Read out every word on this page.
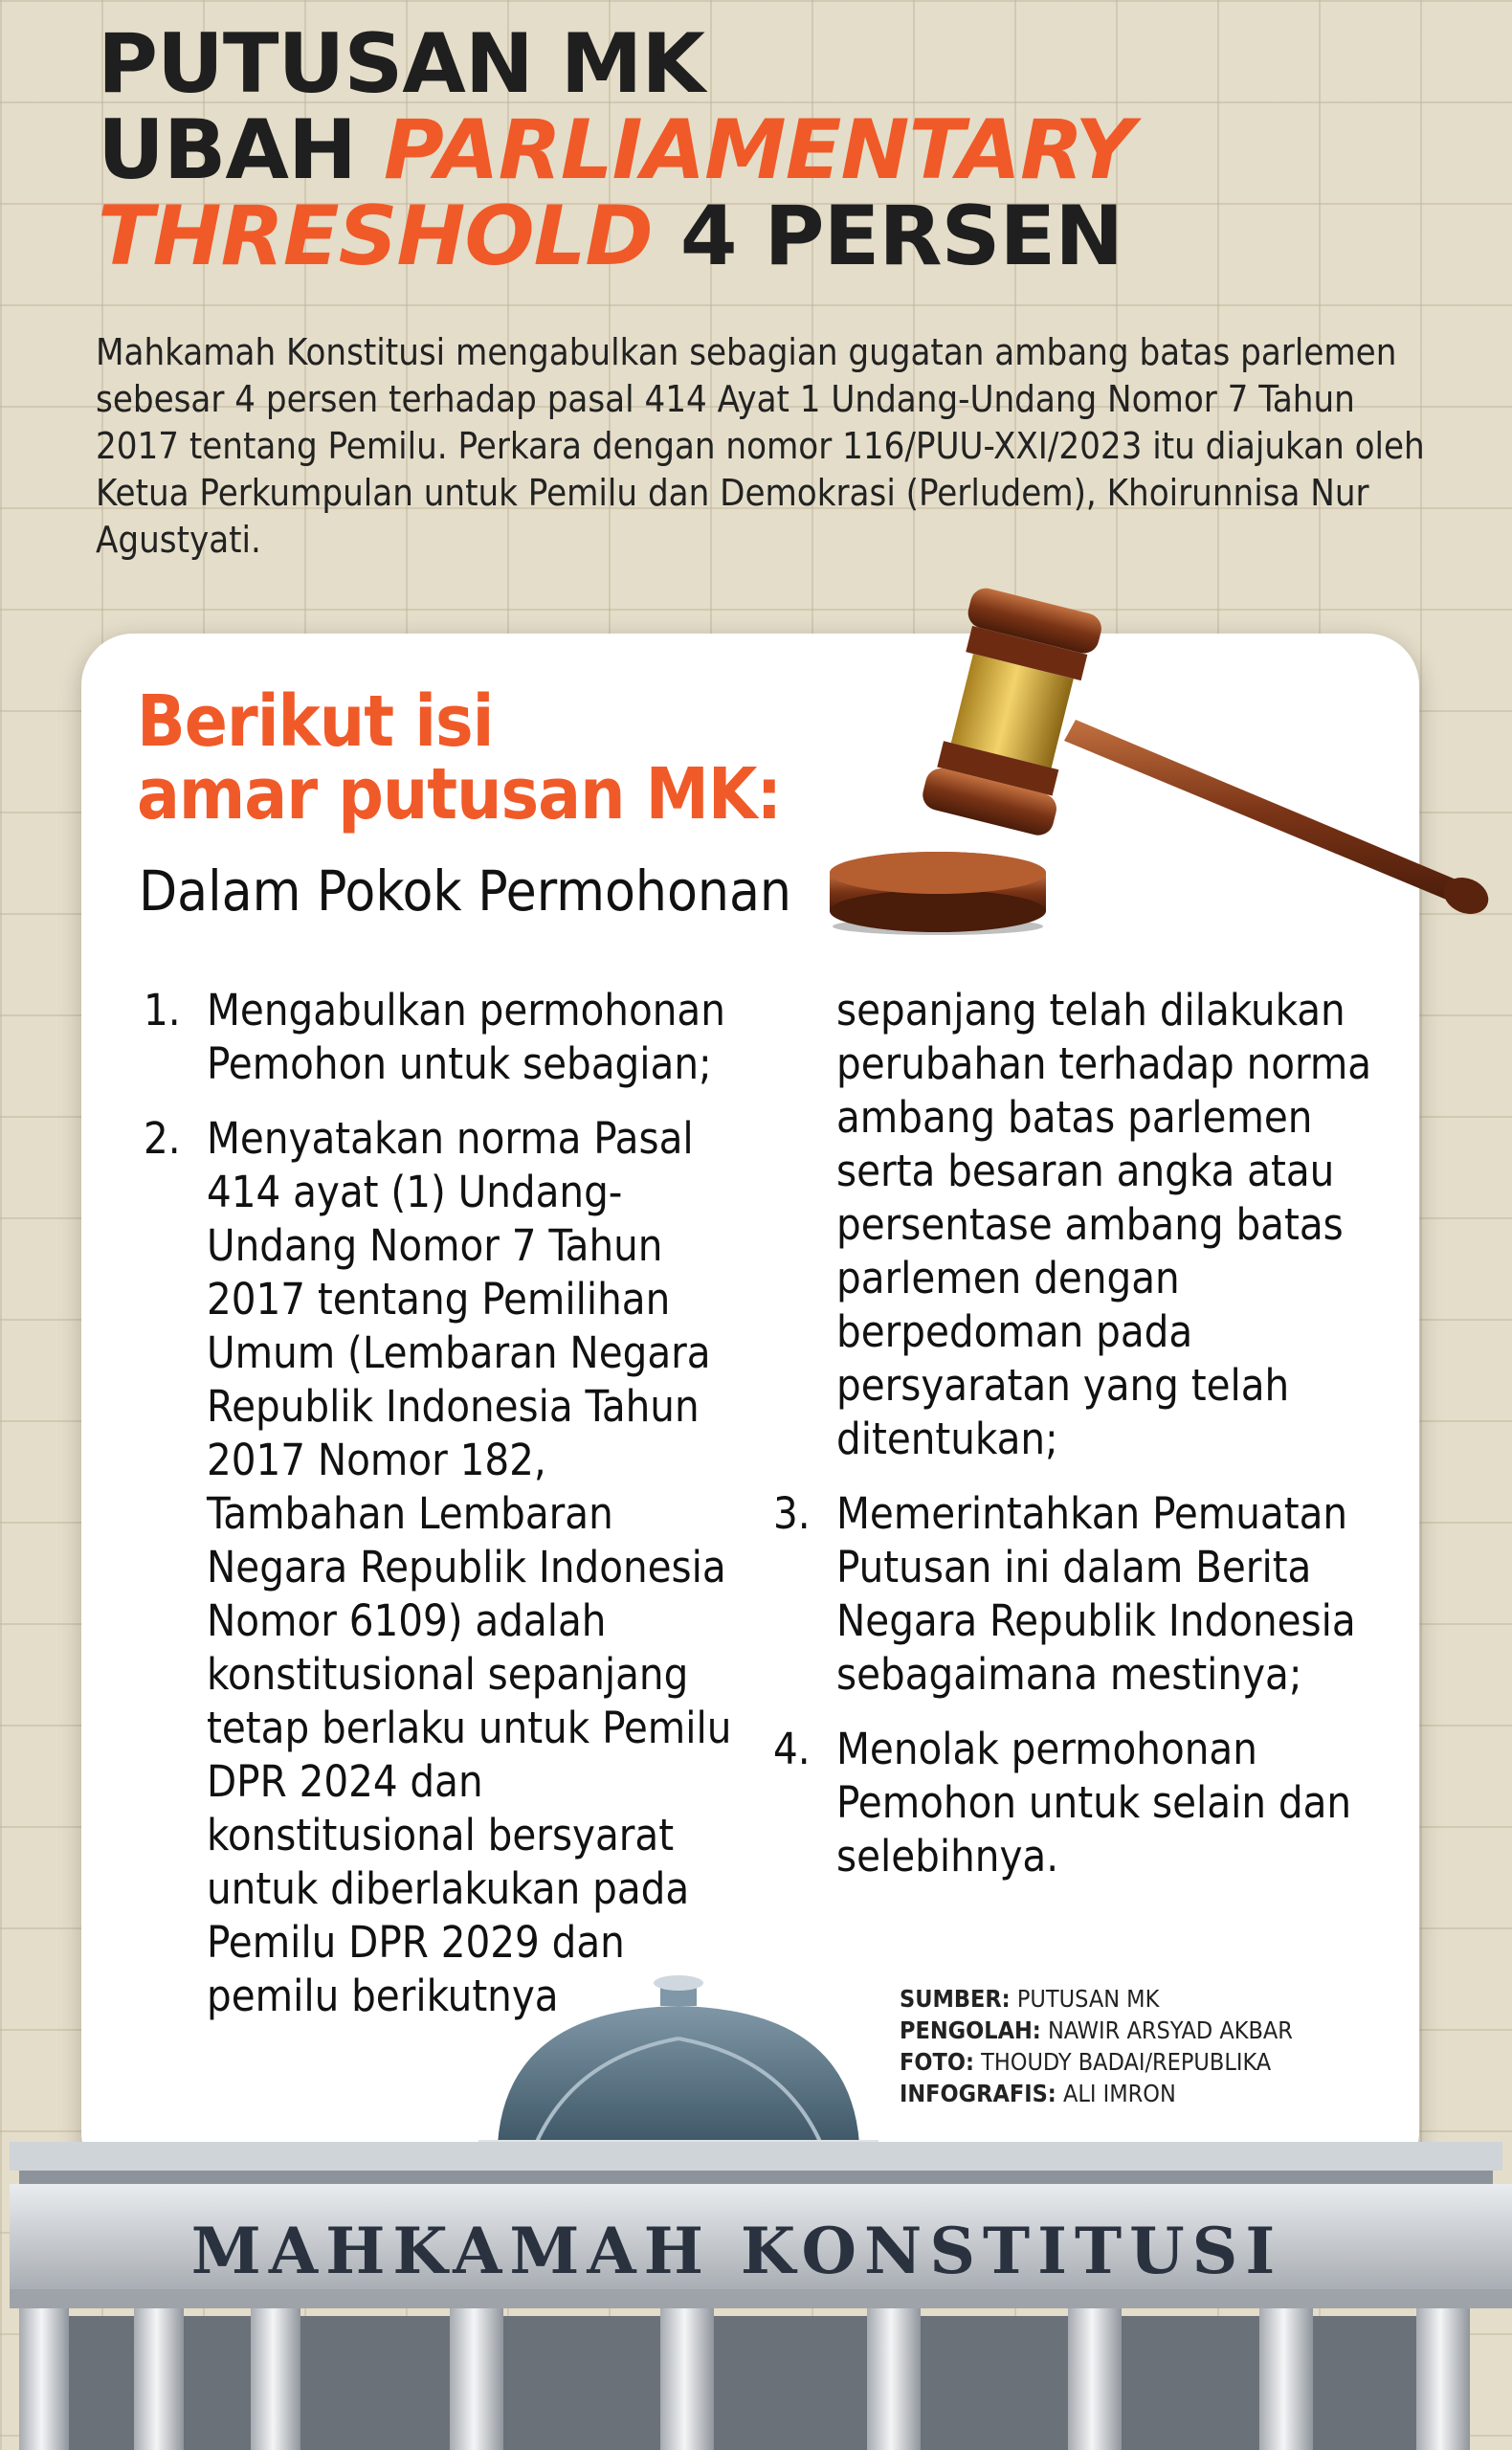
PUTUSAN MK
UBAH PARLIAMENTARY
THRESHOLD 4 PERSEN

Mahkamah Konstitusi mengabulkan sebagian gugatan ambang batas parlemen sebesar 4 persen terhadap pasal 414 Ayat 1 Undang-Undang Nomor 7 Tahun 2017 tentang Pemilu. Perkara dengan nomor 116/PUU-XXI/2023 itu diajukan oleh Ketua Perkumpulan untuk Pemilu dan Demokrasi (Perludem), Khoirunnisa Nur Agustyati.

Berikut isi
amar putusan MK:
Dalam Pokok Permohonan
1. Mengabulkan permohonan Pemohon untuk sebagian;
2. Menyatakan norma Pasal 414 ayat (1) Undang-Undang Nomor 7 Tahun 2017 tentang Pemilihan Umum (Lembaran Negara Republik Indonesia Tahun 2017 Nomor 182, Tambahan Lembaran Negara Republik Indonesia Nomor 6109) adalah konstitusional sepanjang tetap berlaku untuk Pemilu DPR 2024 dan konstitusional bersyarat untuk diberlakukan pada Pemilu DPR 2029 dan pemilu berikutnya
sepanjang telah dilakukan perubahan terhadap norma ambang batas parlemen serta besaran angka atau persentase ambang batas parlemen dengan berpedoman pada persyaratan yang telah ditentukan;
3. Memerintahkan Pemuatan Putusan ini dalam Berita Negara Republik Indonesia sebagaimana mestinya;
4. Menolak permohonan Pemohon untuk selain dan selebihnya.
MAHKAMAH KONSTITUSI
SUMBER: PUTUSAN MK
PENGOLAH: NAWIR ARSYAD AKBAR
FOTO: THOUDY BADAI/REPUBLIKA
INFOGRAFIS: ALI IMRON
